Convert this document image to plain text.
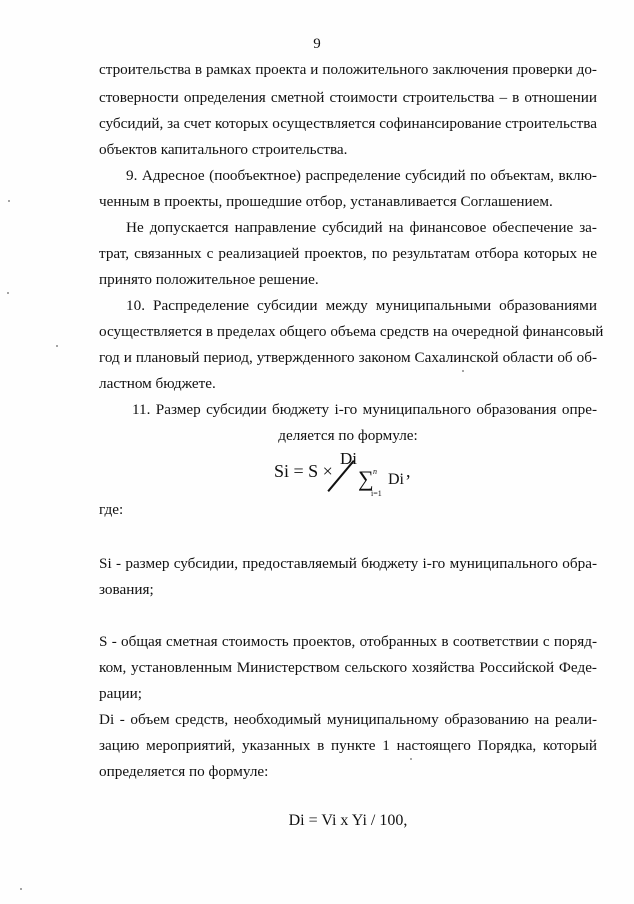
9
строительства в рамках проекта и положительного заключения проверки до-
стоверности определения сметной стоимости строительства – в отношении
субсидий, за счет которых осуществляется софинансирование строительства
объектов капитального строительства.
9. Адресное (пообъектное) распределение субсидий по объектам, вклю-
ченным в проекты, прошедшие отбор, устанавливается Соглашением.
Не допускается направление субсидий на финансовое обеспечение за-
трат, связанных с реализацией проектов, по результатам отбора которых не
принято положительное решение.
10. Распределение субсидии между муниципальными образованиями
осуществляется в пределах общего объема средств на очередной финансовый
год и плановый период, утвержденного законом Сахалинской области об об-
ластном бюджете.
11. Размер субсидии бюджету i-го муниципального образования опре-
деляется по формуле:
Si = S ×
Di
∑ n
i=1
Di ,
где:
Si - размер субсидии, предоставляемый бюджету i-го муниципального обра-
зования;
S - общая сметная стоимость проектов, отобранных в соответствии с поряд-
ком, установленным Министерством сельского хозяйства Российской Феде-
рации;
Di - объем средств, необходимый муниципальному образованию на реали-
зацию мероприятий, указанных в пункте 1 настоящего Порядка, который
определяется по формуле:
Di = Vi x Yi / 100,
